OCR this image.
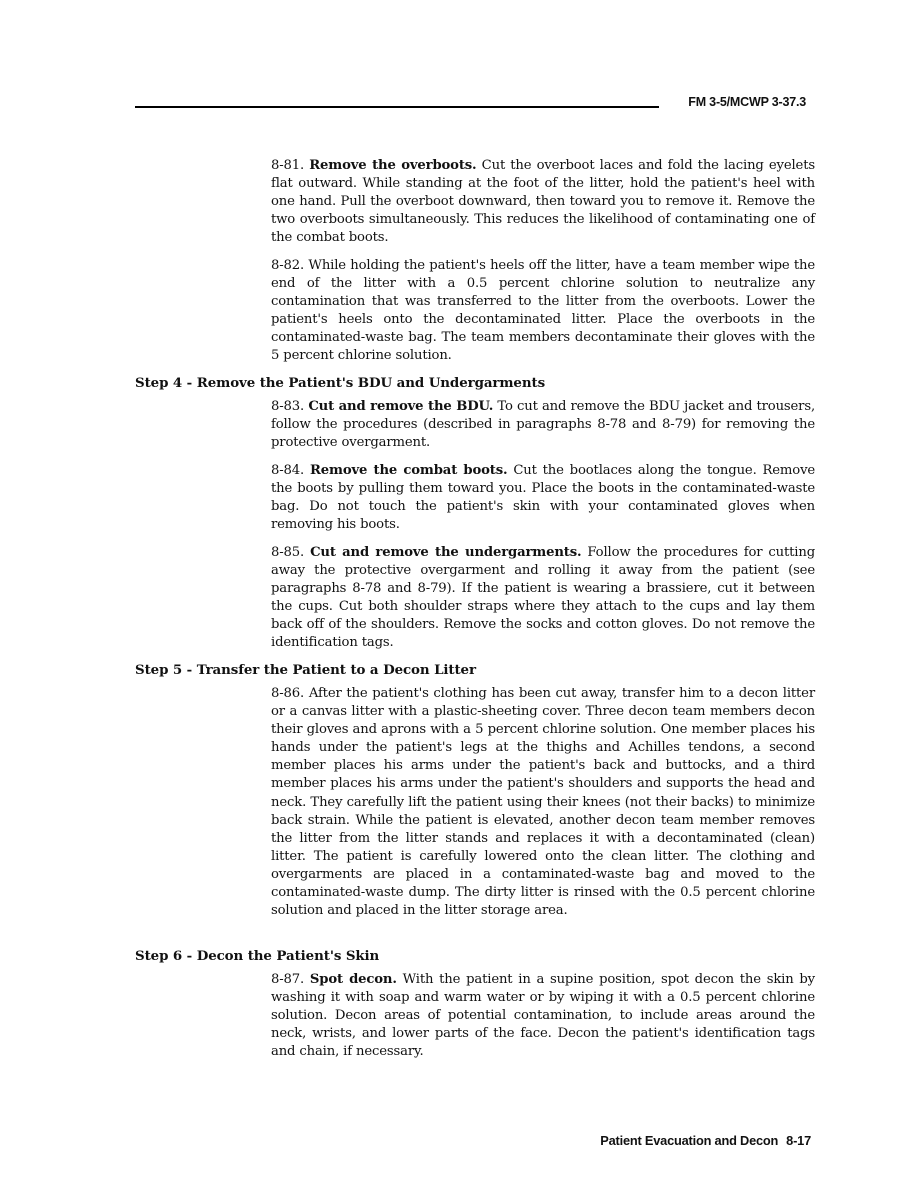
FM 3-5/MCWP 3-37.3
8-81. Remove the overboots. Cut the overboot laces and fold the lacing eyelets flat outward. While standing at the foot of the litter, hold the patient's heel with one hand. Pull the overboot downward, then toward you to remove it. Remove the two overboots simultaneously. This reduces the likelihood of contaminating one of the combat boots.
8-82. While holding the patient's heels off the litter, have a team member wipe the end of the litter with a 0.5 percent chlorine solution to neutralize any contamination that was transferred to the litter from the overboots. Lower the patient's heels onto the decontaminated litter. Place the overboots in the contaminated-waste bag. The team members decontaminate their gloves with the 5 percent chlorine solution.
Step 4 - Remove the Patient's BDU and Undergarments
8-83. Cut and remove the BDU. To cut and remove the BDU jacket and trousers, follow the procedures (described in paragraphs 8-78 and 8-79) for removing the protective overgarment.
8-84. Remove the combat boots. Cut the bootlaces along the tongue. Remove the boots by pulling them toward you. Place the boots in the contaminated-waste bag. Do not touch the patient's skin with your contaminated gloves when removing his boots.
8-85. Cut and remove the undergarments. Follow the procedures for cutting away the protective overgarment and rolling it away from the patient (see paragraphs 8-78 and 8-79). If the patient is wearing a brassiere, cut it between the cups. Cut both shoulder straps where they attach to the cups and lay them back off of the shoulders. Remove the socks and cotton gloves. Do not remove the identification tags.
Step 5 - Transfer the Patient to a Decon Litter
8-86. After the patient's clothing has been cut away, transfer him to a decon litter or a canvas litter with a plastic-sheeting cover. Three decon team members decon their gloves and aprons with a 5 percent chlorine solution. One member places his hands under the patient's legs at the thighs and Achilles tendons, a second member places his arms under the patient's back and buttocks, and a third member places his arms under the patient's shoulders and supports the head and neck. They carefully lift the patient using their knees (not their backs) to minimize back strain. While the patient is elevated, another decon team member removes the litter from the litter stands and replaces it with a decontaminated (clean) litter. The patient is carefully lowered onto the clean litter. The clothing and overgarments are placed in a contaminated-waste bag and moved to the contaminated-waste dump. The dirty litter is rinsed with the 0.5 percent chlorine solution and placed in the litter storage area.
Step 6 - Decon the Patient's Skin
8-87. Spot decon. With the patient in a supine position, spot decon the skin by washing it with soap and warm water or by wiping it with a 0.5 percent chlorine solution. Decon areas of potential contamination, to include areas around the neck, wrists, and lower parts of the face. Decon the patient's identification tags and chain, if necessary.
Patient Evacuation and Decon 8-17
